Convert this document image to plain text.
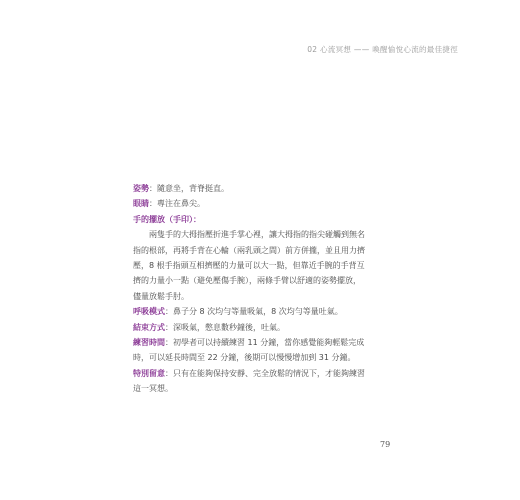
02 心流冥想 —— 喚醒愉悅心流的最佳捷徑
姿勢：隨意坐，背脊挺直。
眼睛：專注在鼻尖。
手的擺放（手印）：
兩隻手的大拇指壓折進手掌心裡，讓大拇指的指尖碰觸到無名
指的根部，再將手背在心輪（兩乳頭之間）前方併攏，並且用力擠
壓，8 根手指頭互相擠壓的力量可以大一點，但靠近手腕的手背互
擠的力量小一點（避免壓傷手腕），兩條手臂以舒適的姿勢擺放，
儘量放鬆手肘。
呼吸模式：鼻子分 8 次均勻等量吸氣，8 次均勻等量吐氣。
結束方式：深吸氣，憋息數秒鐘後，吐氣。
練習時間：初學者可以持續練習 11 分鐘，當你感覺能夠輕鬆完成
時，可以延長時間至 22 分鐘，後期可以慢慢增加到 31 分鐘。
特別留意：只有在能夠保持安靜、完全放鬆的情況下，才能夠練習
這一冥想。
79
